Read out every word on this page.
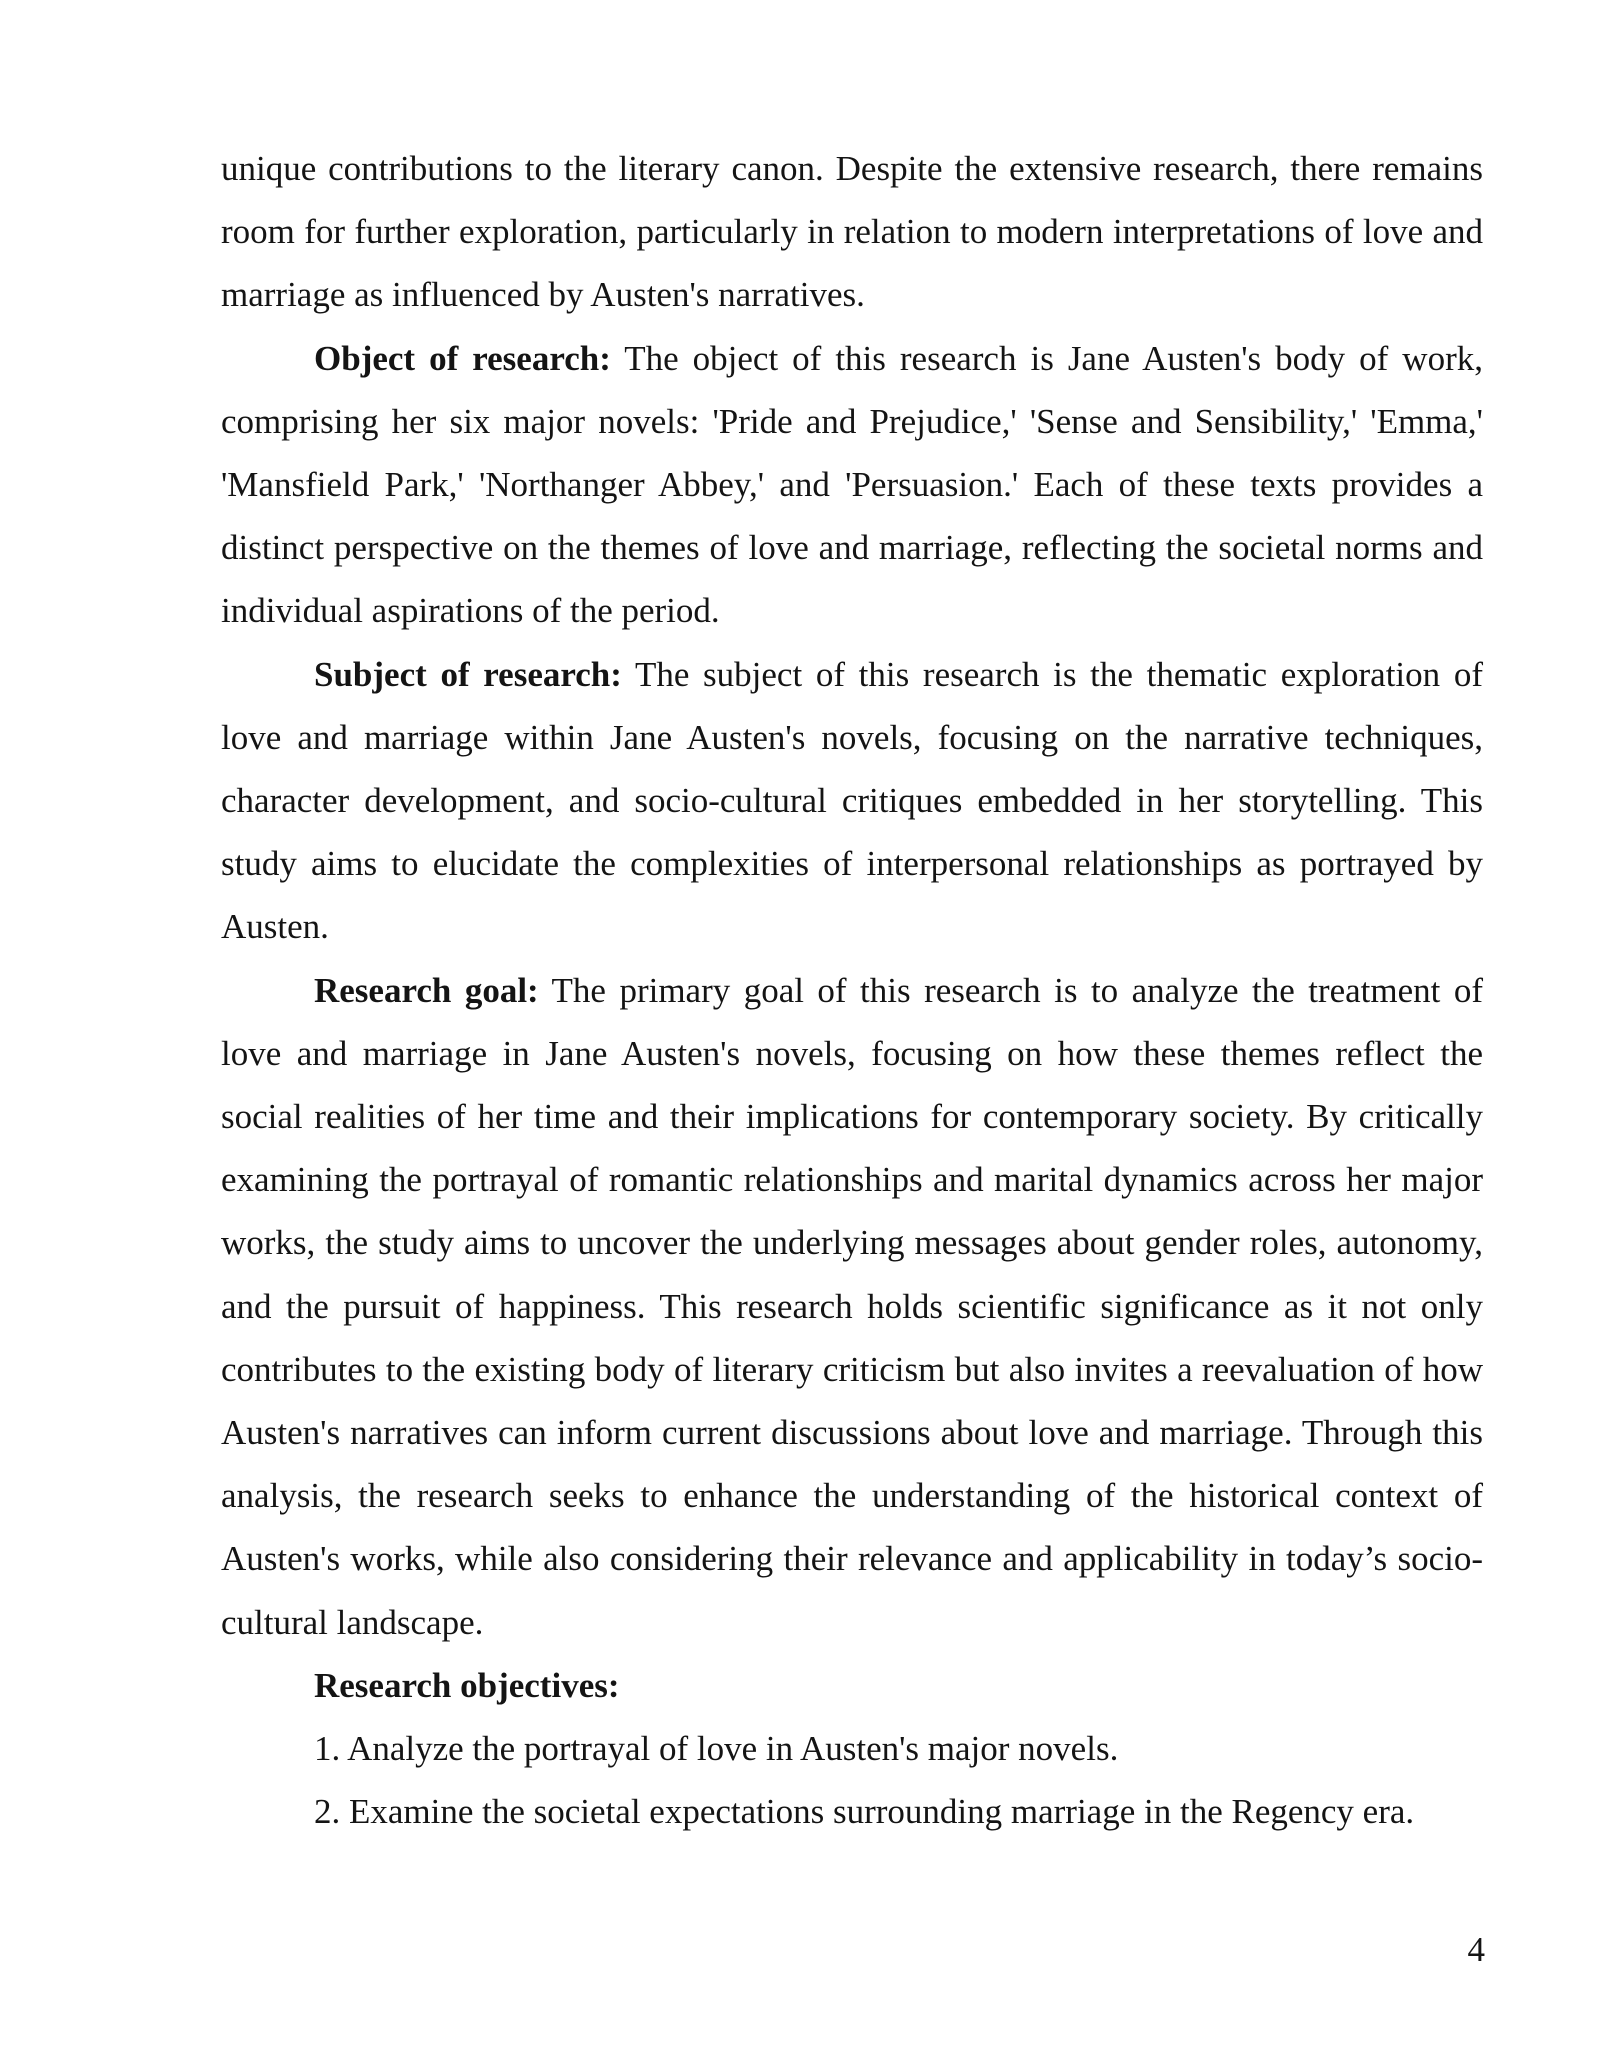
unique contributions to the literary canon. Despite the extensive research, there remains room for further exploration, particularly in relation to modern interpretations of love and marriage as influenced by Austen's narratives.

Object of research: The object of this research is Jane Austen's body of work, comprising her six major novels: 'Pride and Prejudice,' 'Sense and Sensibility,' 'Emma,' 'Mansfield Park,' 'Northanger Abbey,' and 'Persuasion.' Each of these texts provides a distinct perspective on the themes of love and marriage, reflecting the societal norms and individual aspirations of the period.

Subject of research: The subject of this research is the thematic exploration of love and marriage within Jane Austen's novels, focusing on the narrative techniques, character development, and socio-cultural critiques embedded in her storytelling. This study aims to elucidate the complexities of interpersonal relationships as portrayed by Austen.

Research goal: The primary goal of this research is to analyze the treatment of love and marriage in Jane Austen's novels, focusing on how these themes reflect the social realities of her time and their implications for contemporary society. By critically examining the portrayal of romantic relationships and marital dynamics across her major works, the study aims to uncover the underlying messages about gender roles, autonomy, and the pursuit of happiness. This research holds scientific significance as it not only contributes to the existing body of literary criticism but also invites a reevaluation of how Austen's narratives can inform current discussions about love and marriage. Through this analysis, the research seeks to enhance the understanding of the historical context of Austen's works, while also considering their relevance and applicability in today’s socio-cultural landscape.

Research objectives:

1. Analyze the portrayal of love in Austen's major novels.

2. Examine the societal expectations surrounding marriage in the Regency era.

4
